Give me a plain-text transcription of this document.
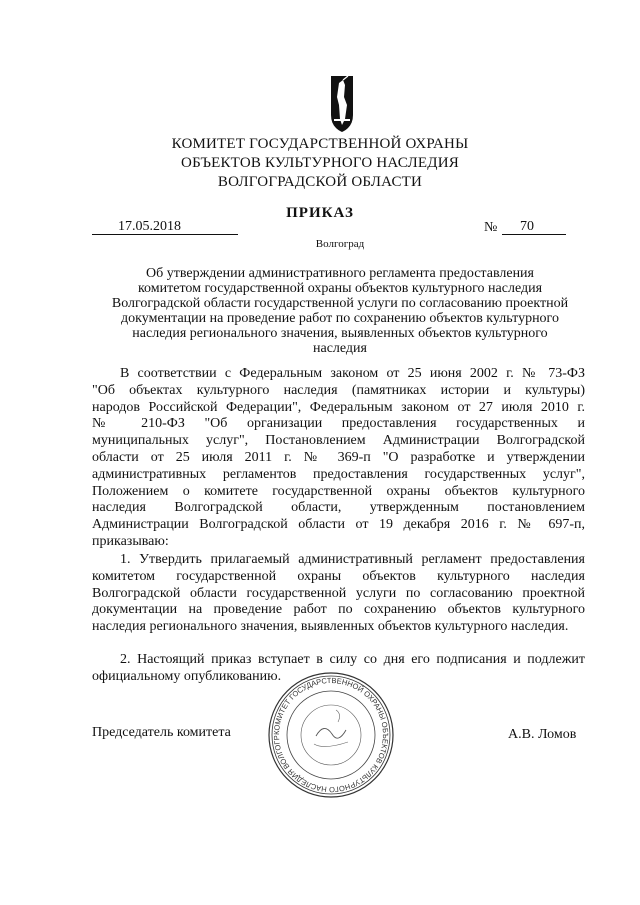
КОМИТЕТ ГОСУДАРСТВЕННОЙ ОХРАНЫ
ОБЪЕКТОВ КУЛЬТУРНОГО НАСЛЕДИЯ
ВОЛГОГРАДСКОЙ ОБЛАСТИ
ПРИКАЗ
17.05.2018	№ 70
Волгоград
Об утверждении административного регламента предоставления
комитетом государственной охраны объектов культурного наследия
Волгоградской области государственной услуги по согласованию проектной
документации на проведение работ по сохранению объектов культурного
наследия регионального значения, выявленных объектов культурного
наследия
В соответствии с Федеральным законом от 25 июня 2002 г. № 73-ФЗ
"Об объектах культурного наследия (памятниках истории и культуры)
народов Российской Федерации", Федеральным законом от 27 июля 2010 г.
№ 210-ФЗ "Об организации предоставления государственных и
муниципальных услуг", Постановлением Администрации Волгоградской
области от 25 июля 2011 г. № 369-п "О разработке и утверждении
административных регламентов предоставления государственных услуг",
Положением о комитете государственной охраны объектов культурного
наследия Волгоградской области, утвержденным постановлением
Администрации Волгоградской области от 19 декабря 2016 г. № 697-п,
приказываю:
1. Утвердить прилагаемый административный регламент предоставления комитетом государственной охраны объектов культурного наследия Волгоградской области государственной услуги по согласованию проектной документации на проведение работ по сохранению объектов культурного наследия регионального значения, выявленных объектов культурного наследия.
2. Настоящий приказ вступает в силу со дня его подписания и подлежит официальному опубликованию.
КОМИТЕТ ГОСУДАРСТВЕННОЙ ОХРАНЫ ОБЪЕКТОВ КУЛЬТУРНОГО НАСЛЕДИЯ ВОЛГОГР
Председатель комитета	А.В. Ломов
